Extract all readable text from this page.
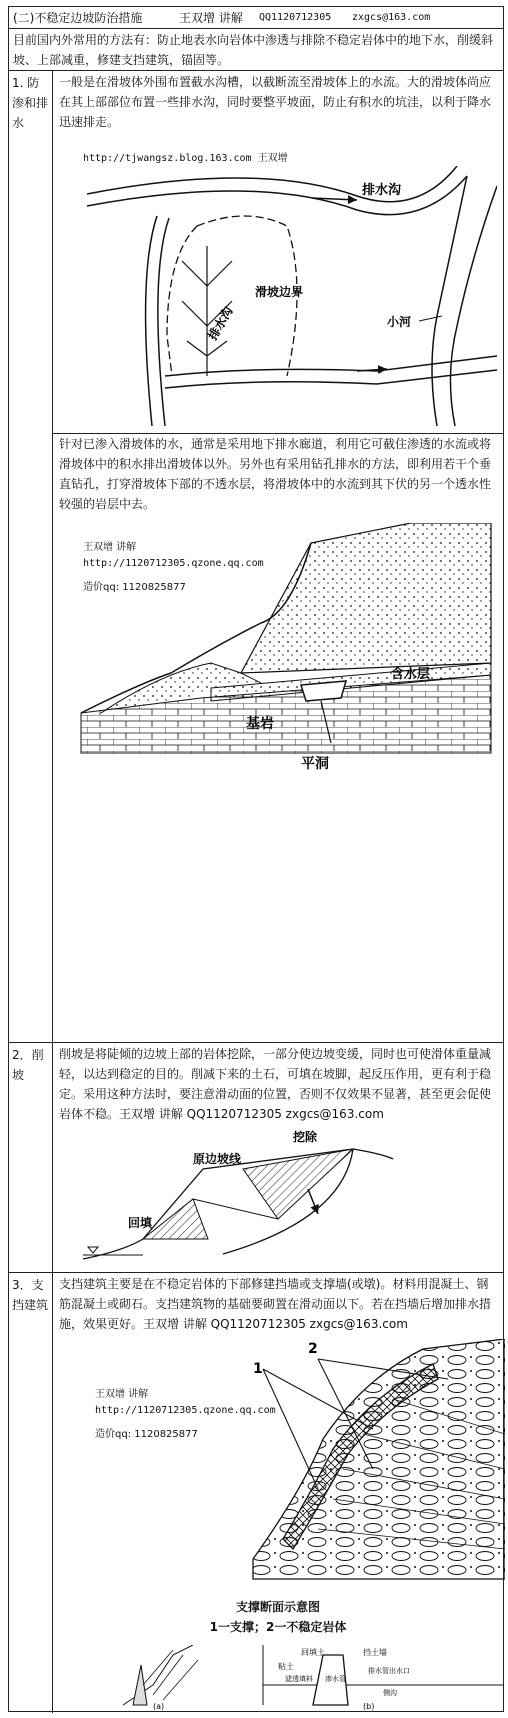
(二)不稳定边坡防治措施	王双增 讲解 QQ1120712305 zxgcs@163.com
目前国内外常用的方法有：防止地表水向岩体中渗透与排除不稳定岩体中的地下水，削缓斜坡、上部减重，修建支挡建筑，锚固等。
1. 防渗和排水
一般是在滑坡体外围布置截水沟槽，以截断流至滑坡体上的水流。大的滑坡体尚应在其上部部位布置一些排水沟，同时要整平坡面，防止有积水的坑洼，以利于降水迅速排走。
http://tjwangsz.blog.163.com 王双增
排水沟
排水沟
滑坡边界
小河
针对已渗入滑坡体的水，通常是采用地下排水廊道，利用它可截住渗透的水流或将滑坡体中的积水排出滑坡体以外。另外也有采用钻孔排水的方法，即利用若干个垂直钻孔，打穿滑坡体下部的不透水层，将滑坡体中的水流到其下伏的另一个透水性较强的岩层中去。
王双增 讲解
http://1120712305.qzone.qq.com
造价qq: 1120825877
含水层
基岩
平洞
2．削坡
削坡是将陡倾的边坡上部的岩体挖除，一部分使边坡变缓，同时也可使滑体重量减轻，以达到稳定的目的。削减下来的土石，可填在坡脚，起反压作用，更有利于稳定。采用这种方法时，要注意滑动面的位置，否则不仅效果不显著，甚至更会促使岩体不稳。王双增 讲解 QQ1120712305 zxgcs@163.com
原边坡线
挖除
回填
3．支挡建筑
支挡建筑主要是在不稳定岩体的下部修建挡墙或支撑墙(或墩)。材料用混凝土、钢筋混凝土或砌石。支挡建筑物的基础要砌置在滑动面以下。若在挡墙后增加排水措施，效果更好。王双增 讲解 QQ1120712305 zxgcs@163.com
王双增 讲解
http://1120712305.qzone.qq.com
造价qq: 1120825877
2
1
支撑断面示意图
1一支撑；2一不稳定岩体
粘土
回填土	挡土墙
滤透填料 渗水管
排水管出水口
侧沟
(a)	(b)
